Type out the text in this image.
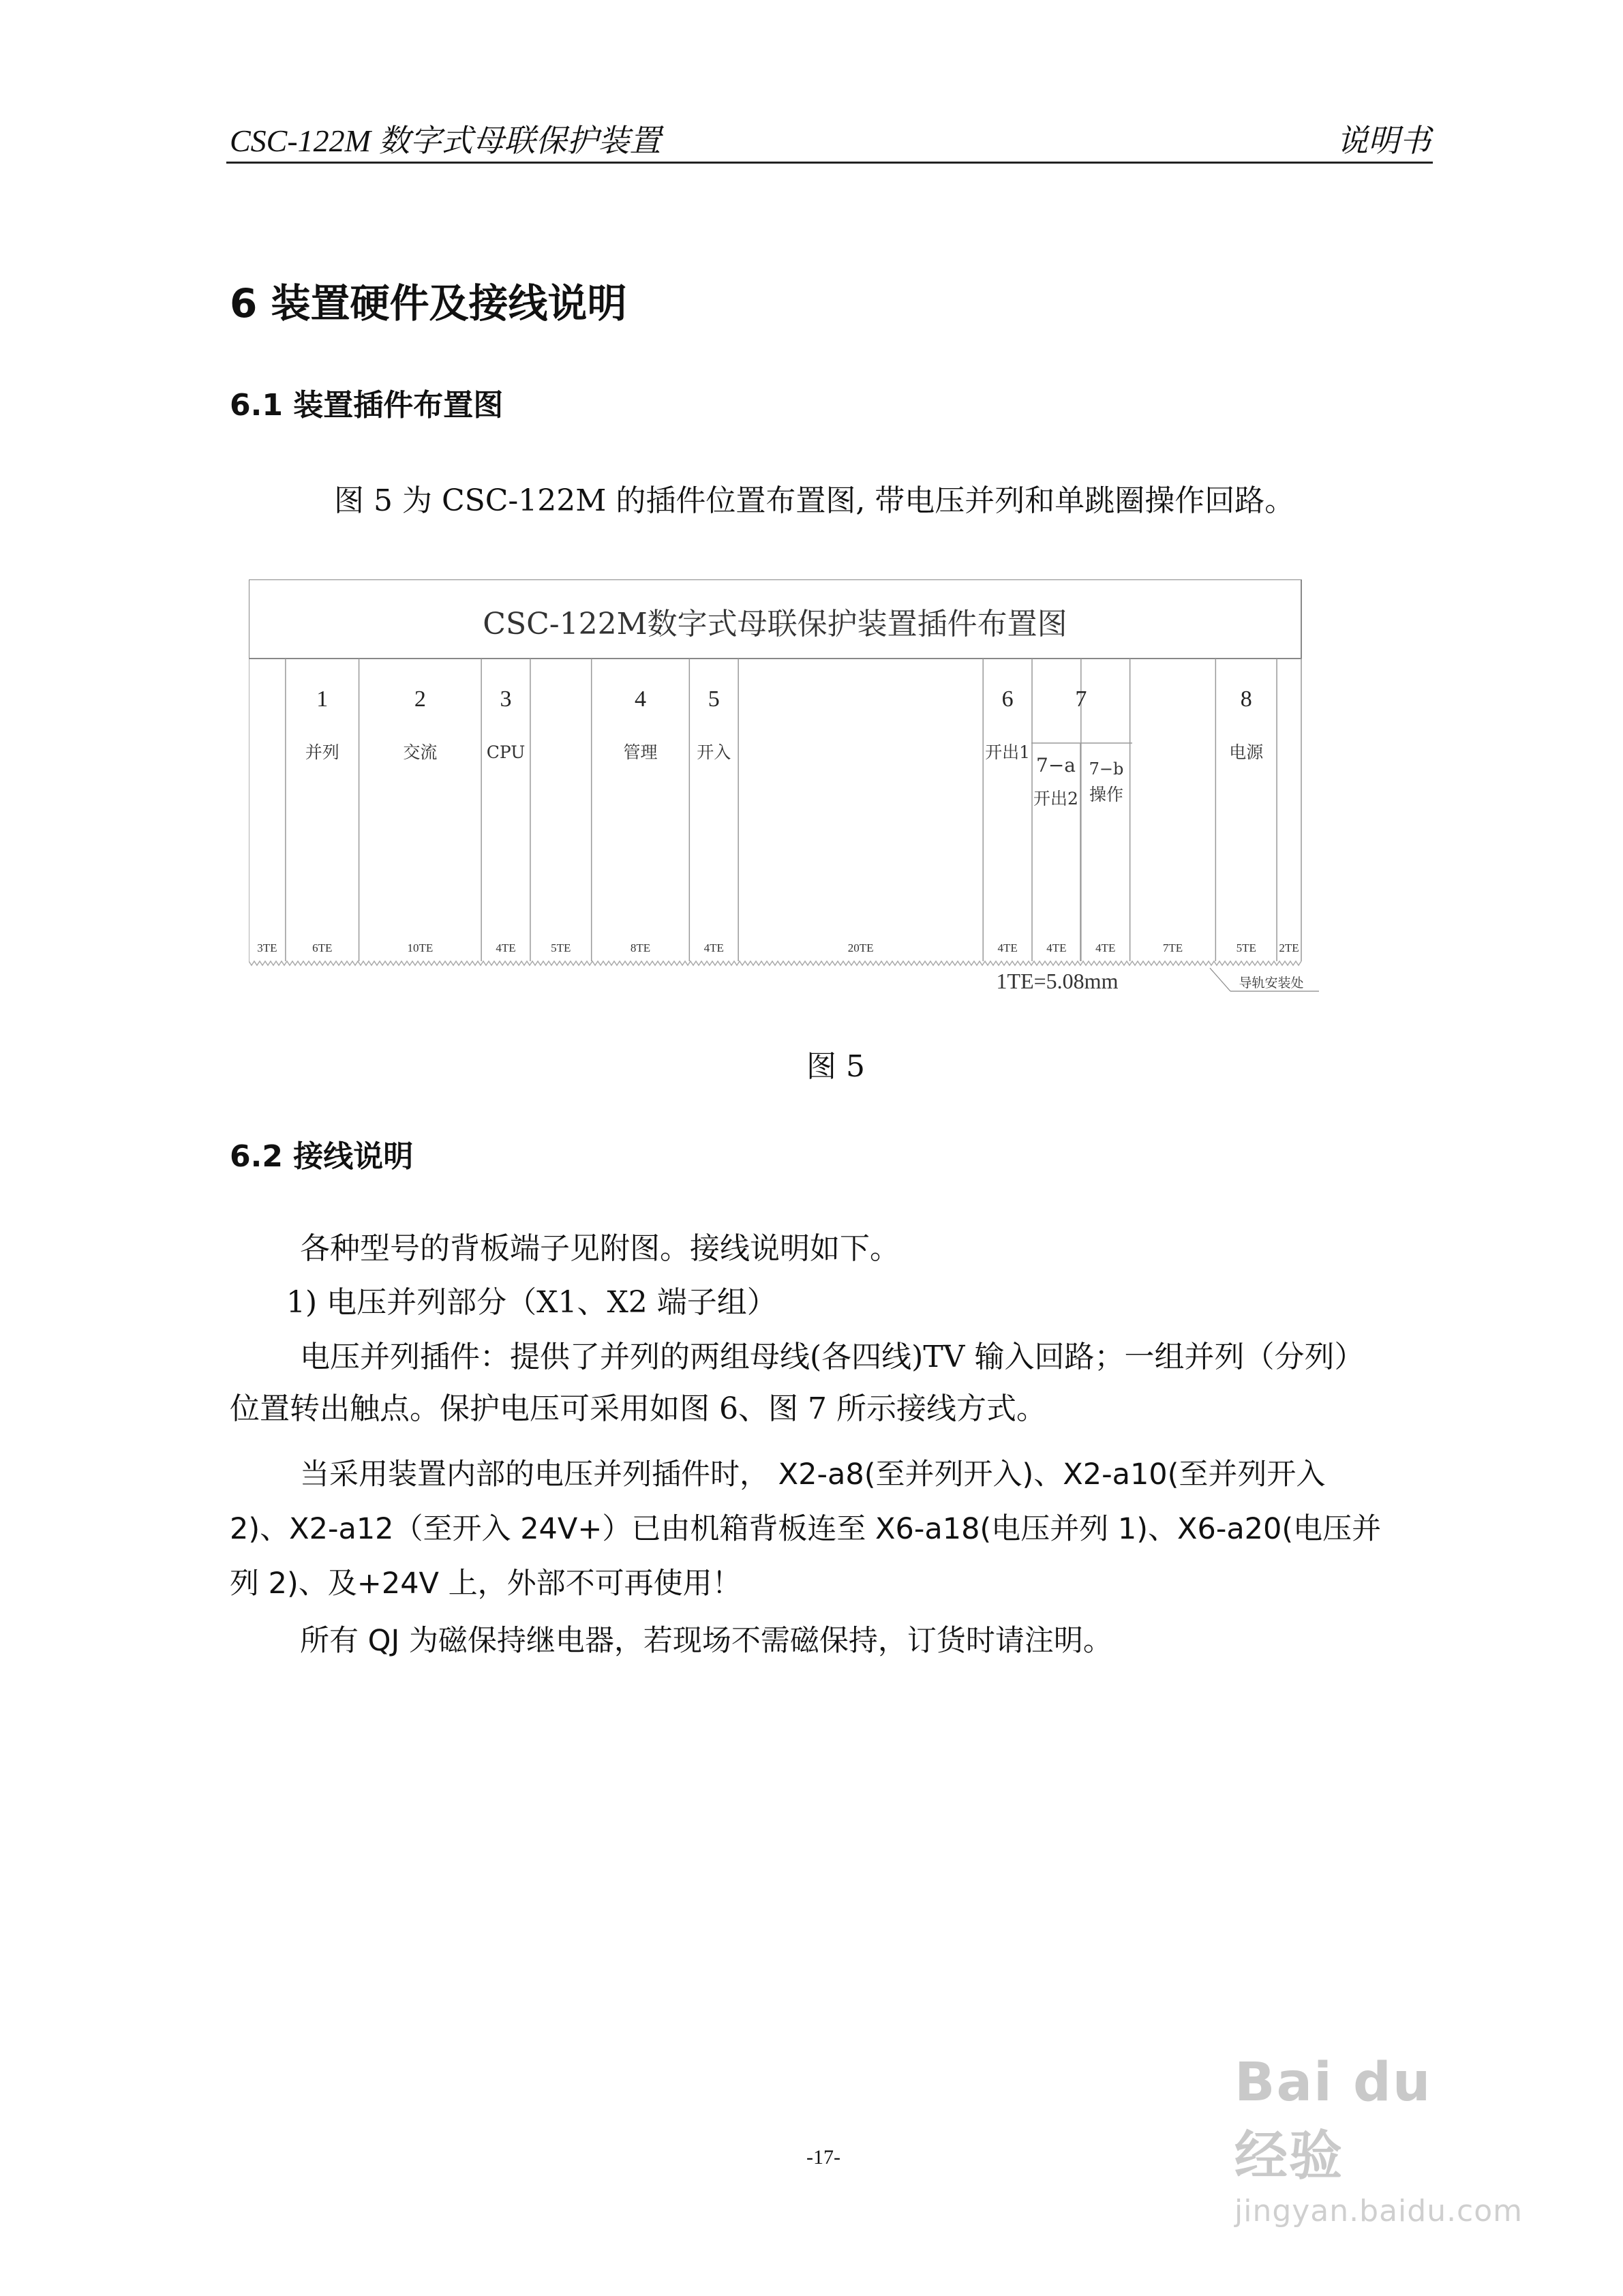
CSC-122M 数字式母联保护装置	说明书
6 装置硬件及接线说明
6.1 装置插件布置图
图 5 为 CSC-122M 的插件位置布置图, 带电压并列和单跳圈操作回路。
CSC-122M数字式母联保护装置插件布置图
3TE
1
并列
6TE
2
交流
10TE
3
CPU
4TE	5TE
4
管理
8TE
5
开入
4TE	20TE
6
开出1
4TE
7
4TE	4TE	7TE
8
电源
5TE 2TE
7−a
开出2
7−b
操作
1TE=5.08mm	导轨安装处
图 5
6.2 接线说明
各种型号的背板端子见附图。接线说明如下。
1) 电压并列部分（X1、X2 端子组）
电压并列插件：提供了并列的两组母线(各四线)TV 输入回路；一组并列（分列）
位置转出触点。保护电压可采用如图 6、图 7 所示接线方式。
当采用装置内部的电压并列插件时， X2-a8(至并列开入)、X2-a10(至并列开入
2)、X2-a12（至开入 24V+）已由机箱背板连至 X6-a18(电压并列 1)、X6-a20(电压并
列 2)、及+24V 上，外部不可再使用！
所有 QJ 为磁保持继电器，若现场不需磁保持，订货时请注明。
-17-
Bai du 经验
jingyan.baidu.com
